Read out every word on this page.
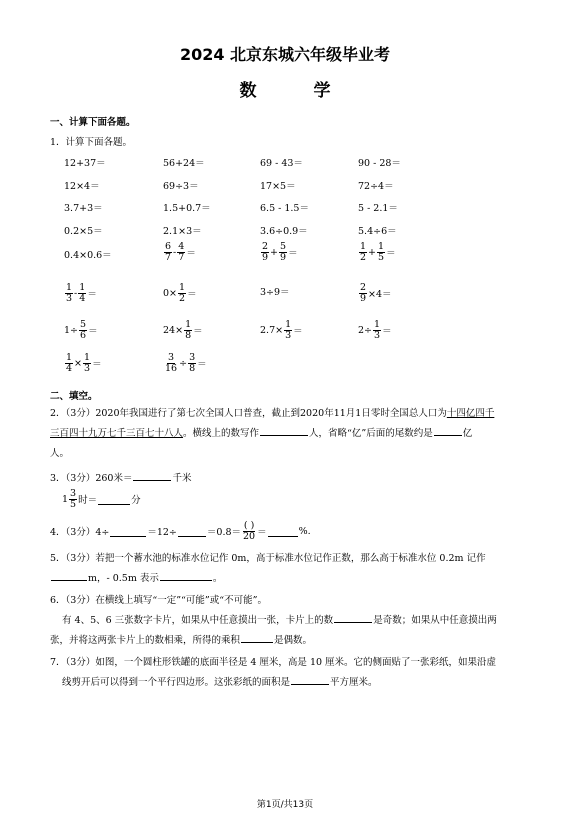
2024 北京东城六年级毕业考
数　学
一、计算下面各题。
1．计算下面各题。
12+37＝	56+24＝	69 - 43＝	90 - 28＝
12×4＝	69÷3＝	17×5＝	72÷4＝
3.7+3＝	1.5+0.7＝	6.5 - 1.5＝	5 - 2.1＝
0.2×5＝	2.1×3＝	3.6÷0.9＝	5.4÷6＝
0.4×0.6＝	$\frac{6}{7} - \frac{4}{7}$ ＝	$\frac{2}{9} + \frac{5}{9}$ ＝	$\frac{1}{2} + \frac{1}{5}$ ＝
$\frac{1}{3} - \frac{1}{4}$ ＝	$0\times \frac{1}{2}$ ＝	3÷9＝	$\frac{2}{9} \times 4=$
$1\div \frac{5}{6}$ ＝	$24\times \frac{1}{8}$ ＝	$2.7\times \frac{1}{3}$ ＝	$2\div \frac{1}{3}$ ＝
$\frac{1}{4} \times \frac{1}{3}$ ＝	$\frac{3}{16} \div \frac{3}{8}$ ＝
二、填空。
2．（3分）2020年我国进行了第七次全国人口普查，截止到2020年11月1日零时全国总人口为十四亿四千
三百四十九万七千三百七十八人。横线上的数写作	人，省略“亿”后面的尾数约是	亿
人。
3．（3分）260米＝	千米
$1 \frac{3}{5}$ 时＝	分
4．（3分）4÷	＝12÷	$=0.8= \frac{( )}{20}$ ＝	%.
5．（3分）若把一个蓄水池的标准水位记作 0m，高于标准水位记作正数，那么高于标准水位 0.2m 记作
m，- 0.5m 表示	。
6．（3分）在横线上填写“一定”“可能”或“不可能”。
有 4、5、6 三张数字卡片，如果从中任意摸出一张，卡片上的数	是奇数；如果从中任意摸出两
张，并将这两张卡片上的数相乘，所得的乘积	是偶数。
7．（3分）如图，一个圆柱形铁罐的底面半径是 4 厘米，高是 10 厘米。它的侧面贴了一张彩纸，如果沿虚
线剪开后可以得到一个平行四边形。这张彩纸的面积是	平方厘米。
第1页/共13页
